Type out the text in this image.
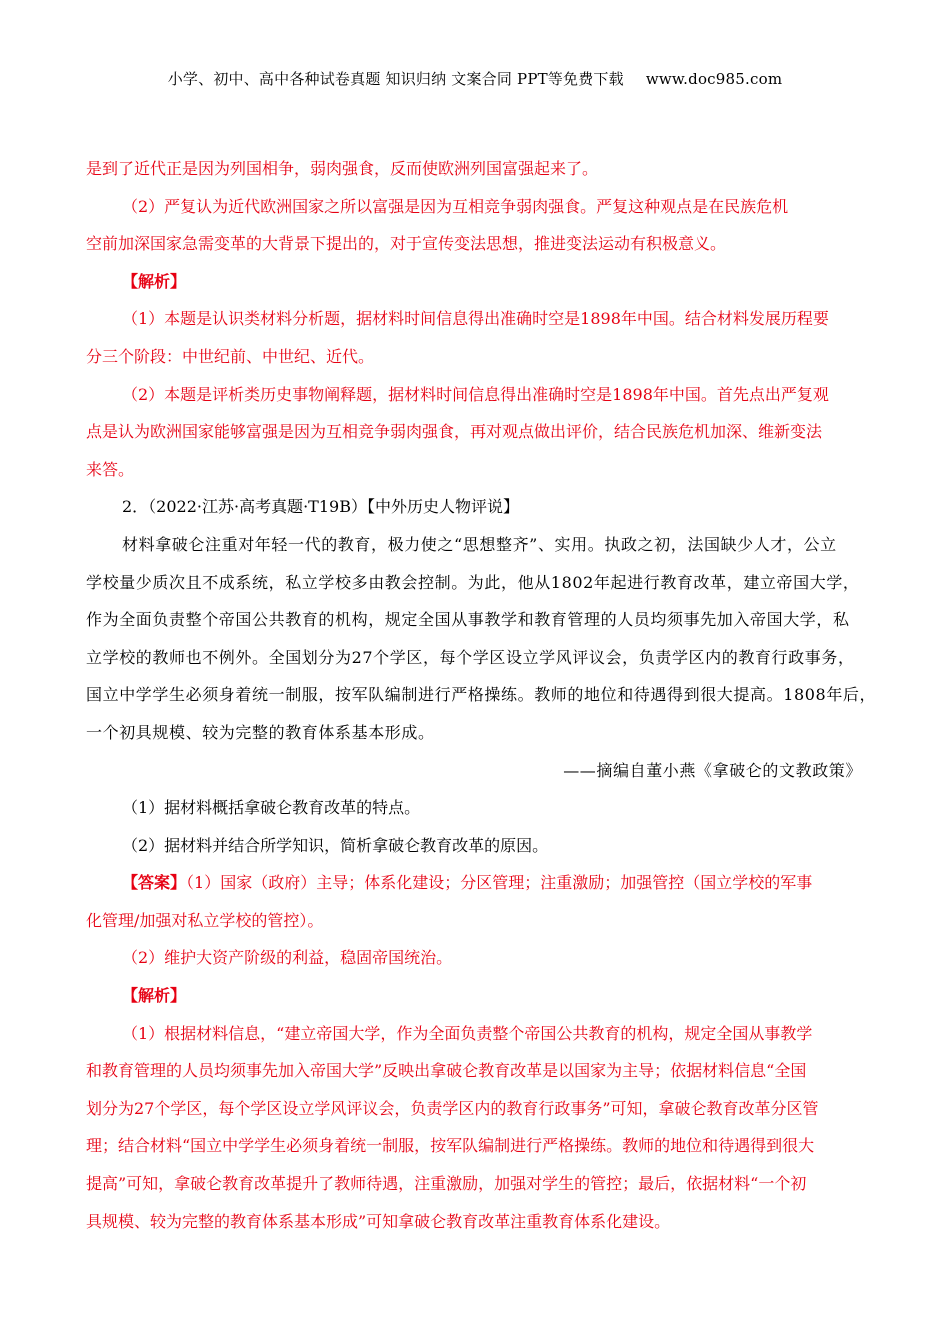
小学、初中、高中各种试卷真题 知识归纳 文案合同 PPT等免费下载 www.doc985.com
是到了近代正是因为列国相争，弱肉强食，反而使欧洲列国富强起来了。
（2）严复认为近代欧洲国家之所以富强是因为互相竞争弱肉强食。严复这种观点是在民族危机
空前加深国家急需变革的大背景下提出的，对于宣传变法思想，推进变法运动有积极意义。
【解析】
（1）本题是认识类材料分析题，据材料时间信息得出准确时空是1898年中国。结合材料发展历程要
分三个阶段：中世纪前、中世纪、近代。
（2）本题是评析类历史事物阐释题，据材料时间信息得出准确时空是1898年中国。首先点出严复观
点是认为欧洲国家能够富强是因为互相竞争弱肉强食，再对观点做出评价，结合民族危机加深、维新变法
来答。
2．（2022·江苏·高考真题·T19B）【中外历史人物评说】
材料拿破仑注重对年轻一代的教育，极力使之“思想整齐”、实用。执政之初，法国缺少人才，公立
学校量少质次且不成系统，私立学校多由教会控制。为此，他从1802年起进行教育改革，建立帝国大学，
作为全面负责整个帝国公共教育的机构，规定全国从事教学和教育管理的人员均须事先加入帝国大学，私
立学校的教师也不例外。全国划分为27个学区，每个学区设立学风评议会，负责学区内的教育行政事务，
国立中学学生必须身着统一制服，按军队编制进行严格操练。教师的地位和待遇得到很大提高。1808年后，
一个初具规模、较为完整的教育体系基本形成。
——摘编自董小燕《拿破仑的文教政策》
（1）据材料概括拿破仑教育改革的特点。
（2）据材料并结合所学知识，简析拿破仑教育改革的原因。
【答案】（1）国家（政府）主导；体系化建设；分区管理；注重激励；加强管控（国立学校的军事
化管理/加强对私立学校的管控）。
（2）维护大资产阶级的利益，稳固帝国统治。
【解析】
（1）根据材料信息，“建立帝国大学，作为全面负责整个帝国公共教育的机构，规定全国从事教学
和教育管理的人员均须事先加入帝国大学”反映出拿破仑教育改革是以国家为主导；依据材料信息“全国
划分为27个学区，每个学区设立学风评议会，负责学区内的教育行政事务”可知，拿破仑教育改革分区管
理；结合材料“国立中学学生必须身着统一制服，按军队编制进行严格操练。教师的地位和待遇得到很大
提高”可知，拿破仑教育改革提升了教师待遇，注重激励，加强对学生的管控；最后，依据材料“一个初
具规模、较为完整的教育体系基本形成”可知拿破仑教育改革注重教育体系化建设。
